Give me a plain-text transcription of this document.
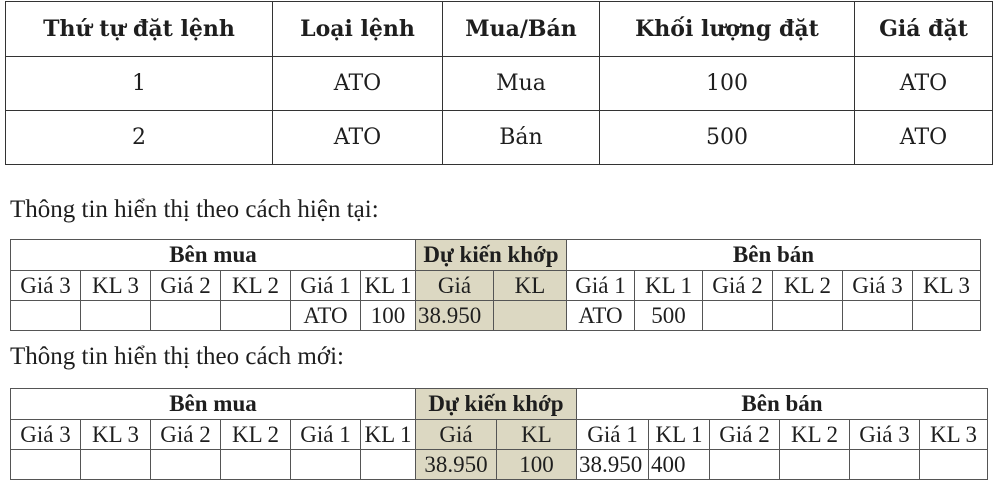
Thứ tự đặt lệnh	Loại lệnh	Mua/Bán	Khối lượng đặt	Giá đặt
1	ATO	Mua	100	ATO
2	ATO	Bán	500	ATO
Thông tin hiển thị theo cách hiện tại:
Bên mua						Dự kiến khớp		Bên bán					
Giá 3	KL 3	Giá 2	KL 2	Giá 1	KL 1	Giá	KL	Giá 1	KL 1	Giá 2	KL 2	Giá 3	KL 3
				ATO	100	38.950		ATO	500				
Thông tin hiển thị theo cách mới:
Bên mua						Dự kiến khớp		Bên bán					
Giá 3	KL 3	Giá 2	KL 2	Giá 1	KL 1	Giá	KL	Giá 1	KL 1	Giá 2	KL 2	Giá 3	KL 3
						38.950	100	38.950	400				
